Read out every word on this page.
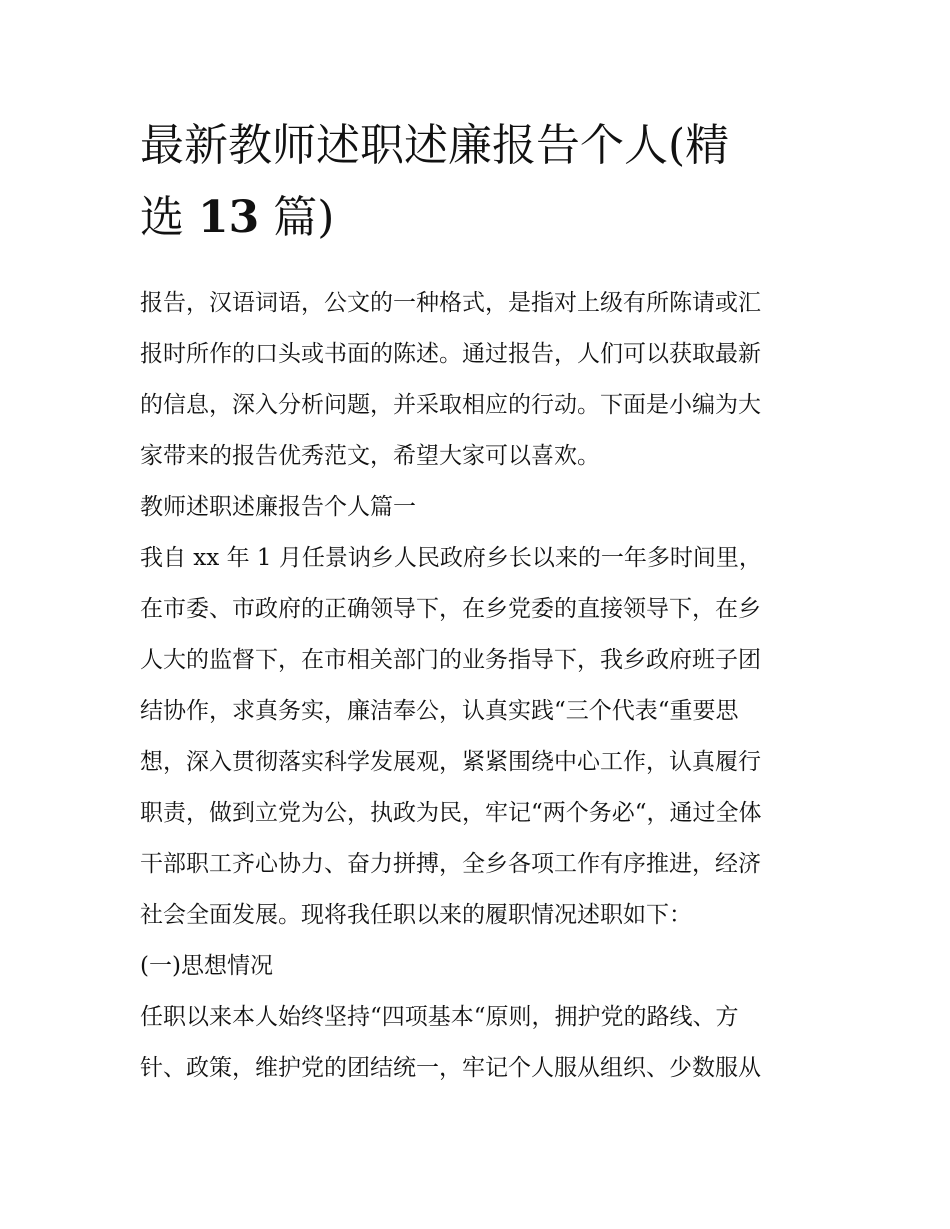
最新教师述职述廉报告个人(精
选 13 篇)
报告，汉语词语，公文的一种格式，是指对上级有所陈请或汇
报时所作的口头或书面的陈述。通过报告，人们可以获取最新
的信息，深入分析问题，并采取相应的行动。下面是小编为大
家带来的报告优秀范文，希望大家可以喜欢。
教师述职述廉报告个人篇一
我自 xx 年 1 月任景讷乡人民政府乡长以来的一年多时间里，
在市委、市政府的正确领导下，在乡党委的直接领导下，在乡
人大的监督下，在市相关部门的业务指导下，我乡政府班子团
结协作，求真务实，廉洁奉公，认真实践“三个代表“重要思
想，深入贯彻落实科学发展观，紧紧围绕中心工作，认真履行
职责，做到立党为公，执政为民，牢记“两个务必“，通过全体
干部职工齐心协力、奋力拼搏，全乡各项工作有序推进，经济
社会全面发展。现将我任职以来的履职情况述职如下：
(一)思想情况
任职以来本人始终坚持“四项基本“原则，拥护党的路线、方
针、政策，维护党的团结统一，牢记个人服从组织、少数服从
